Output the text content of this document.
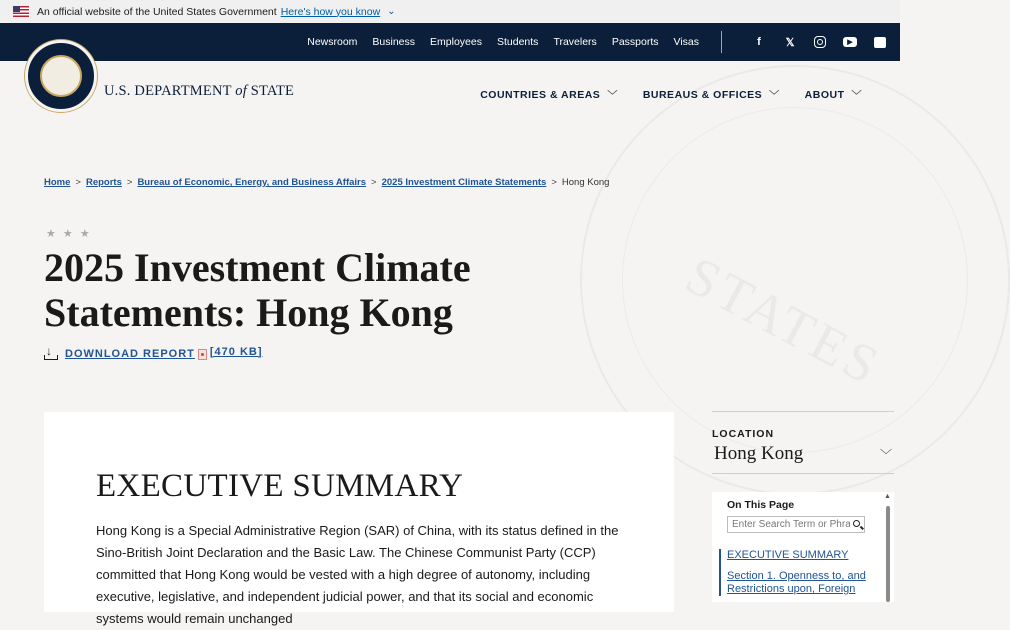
An official website of the United States Government Here's how you know ⌄
Newsroom Business Employees Students Travelers Passports Visas	f	𝕏	▶
U.S. DEPARTMENT of STATE	COUNTRIES & AREAS ﹀ BUREAUS & OFFICES ﹀ ABOUT ﹀
Home > Reports > Bureau of Economic, Energy, and Business Affairs > 2025 Investment Climate Statements > Hong Kong
★ ★ ★
2025 Investment Climate Statements: Hong Kong
↓
DOWNLOAD REPORT [470 KB]
EXECUTIVE SUMMARY

Hong Kong is a Special Administrative Region (SAR) of China, with its status defined in the Sino-British Joint Declaration and the Basic Law. The Chinese Communist Party (CCP) committed that Hong Kong would be vested with a high degree of autonomy, including executive, legislative, and independent judicial power, and that its social and economic systems would remain unchanged

LOCATION
Hong Kong	﹀
On This Page
Enter Search Term or Phrase
EXECUTIVE SUMMARY
Section 1. Openness to, and Restrictions upon, Foreign
▲
